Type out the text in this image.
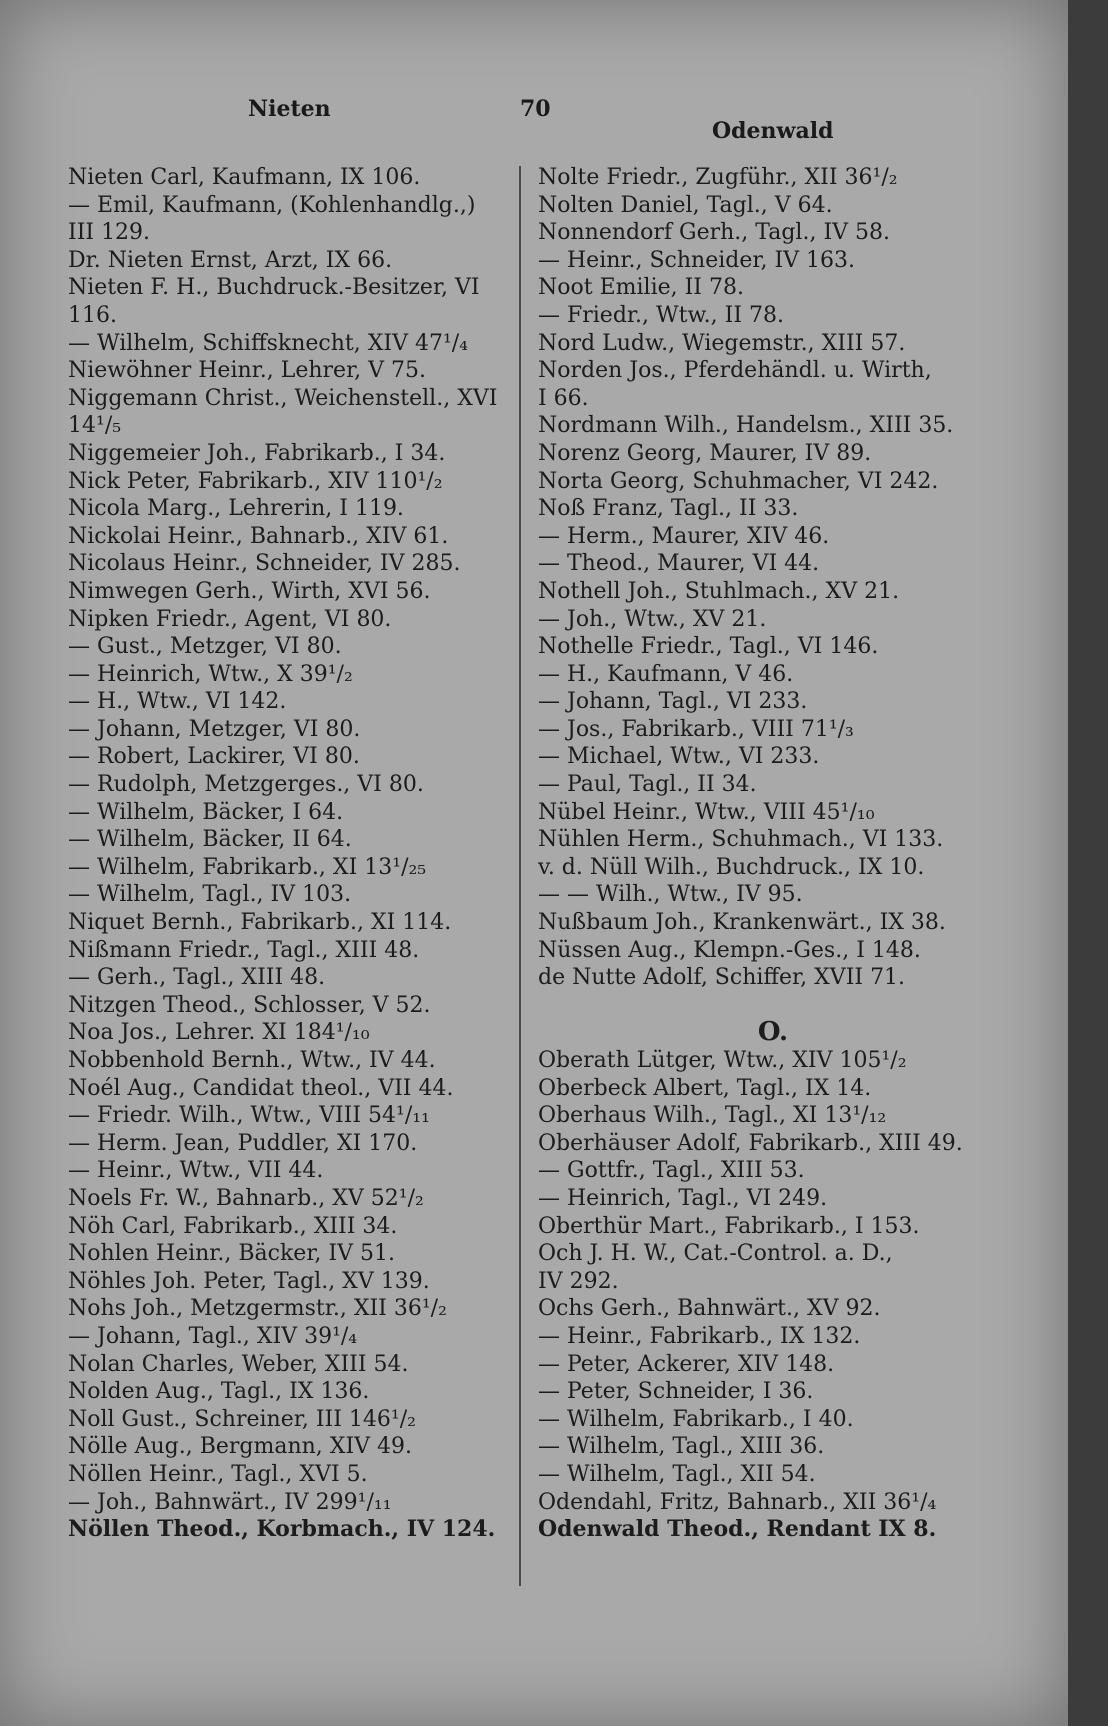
Nieten	70
Odenwald
Nieten Carl, Kaufmann, IX 106.
— Emil, Kaufmann, (Kohlenhandlg.,)
III 129.
Dr. Nieten Ernst, Arzt, IX 66.
Nieten F. H., Buchdruck.-Besitzer, VI
116.
— Wilhelm, Schiffsknecht, XIV 47¹/₄
Niewöhner Heinr., Lehrer, V 75.
Niggemann Christ., Weichenstell., XVI
14¹/₅
Niggemeier Joh., Fabrikarb., I 34.
Nick Peter, Fabrikarb., XIV 110¹/₂
Nicola Marg., Lehrerin, I 119.
Nickolai Heinr., Bahnarb., XIV 61.
Nicolaus Heinr., Schneider, IV 285.
Nimwegen Gerh., Wirth, XVI 56.
Nipken Friedr., Agent, VI 80.
— Gust., Metzger, VI 80.
— Heinrich, Wtw., X 39¹/₂
— H., Wtw., VI 142.
— Johann, Metzger, VI 80.
— Robert, Lackirer, VI 80.
— Rudolph, Metzgerges., VI 80.
— Wilhelm, Bäcker, I 64.
— Wilhelm, Bäcker, II 64.
— Wilhelm, Fabrikarb., XI 13¹/₂₅
— Wilhelm, Tagl., IV 103.
Niquet Bernh., Fabrikarb., XI 114.
Nißmann Friedr., Tagl., XIII 48.
— Gerh., Tagl., XIII 48.
Nitzgen Theod., Schlosser, V 52.
Noa Jos., Lehrer. XI 184¹/₁₀
Nobbenhold Bernh., Wtw., IV 44.
Noél Aug., Candidat theol., VII 44.
— Friedr. Wilh., Wtw., VIII 54¹/₁₁
— Herm. Jean, Puddler, XI 170.
— Heinr., Wtw., VII 44.
Noels Fr. W., Bahnarb., XV 52¹/₂
Nöh Carl, Fabrikarb., XIII 34.
Nohlen Heinr., Bäcker, IV 51.
Nöhles Joh. Peter, Tagl., XV 139.
Nohs Joh., Metzgermstr., XII 36¹/₂
— Johann, Tagl., XIV 39¹/₄
Nolan Charles, Weber, XIII 54.
Nolden Aug., Tagl., IX 136.
Noll Gust., Schreiner, III 146¹/₂
Nölle Aug., Bergmann, XIV 49.
Nöllen Heinr., Tagl., XVI 5.
— Joh., Bahnwärt., IV 299¹/₁₁
Nöllen Theod., Korbmach., IV 124.
Nolte Friedr., Zugführ., XII 36¹/₂
Nolten Daniel, Tagl., V 64.
Nonnendorf Gerh., Tagl., IV 58.
— Heinr., Schneider, IV 163.
Noot Emilie, II 78.
— Friedr., Wtw., II 78.
Nord Ludw., Wiegemstr., XIII 57.
Norden Jos., Pferdehändl. u. Wirth,
I 66.
Nordmann Wilh., Handelsm., XIII 35.
Norenz Georg, Maurer, IV 89.
Norta Georg, Schuhmacher, VI 242.
Noß Franz, Tagl., II 33.
— Herm., Maurer, XIV 46.
— Theod., Maurer, VI 44.
Nothell Joh., Stuhlmach., XV 21.
— Joh., Wtw., XV 21.
Nothelle Friedr., Tagl., VI 146.
— H., Kaufmann, V 46.
— Johann, Tagl., VI 233.
— Jos., Fabrikarb., VIII 71¹/₃
— Michael, Wtw., VI 233.
— Paul, Tagl., II 34.
Nübel Heinr., Wtw., VIII 45¹/₁₀
Nühlen Herm., Schuhmach., VI 133.
v. d. Nüll Wilh., Buchdruck., IX 10.
— — Wilh., Wtw., IV 95.
Nußbaum Joh., Krankenwärt., IX 38.
Nüssen Aug., Klempn.-Ges., I 148.
de Nutte Adolf, Schiffer, XVII 71.
O.
Oberath Lütger, Wtw., XIV 105¹/₂
Oberbeck Albert, Tagl., IX 14.
Oberhaus Wilh., Tagl., XI 13¹/₁₂
Oberhäuser Adolf, Fabrikarb., XIII 49.
— Gottfr., Tagl., XIII 53.
— Heinrich, Tagl., VI 249.
Oberthür Mart., Fabrikarb., I 153.
Och J. H. W., Cat.-Control. a. D.,
IV 292.
Ochs Gerh., Bahnwärt., XV 92.
— Heinr., Fabrikarb., IX 132.
— Peter, Ackerer, XIV 148.
— Peter, Schneider, I 36.
— Wilhelm, Fabrikarb., I 40.
— Wilhelm, Tagl., XIII 36.
— Wilhelm, Tagl., XII 54.
Odendahl, Fritz, Bahnarb., XII 36¹/₄
Odenwald Theod., Rendant IX 8.
